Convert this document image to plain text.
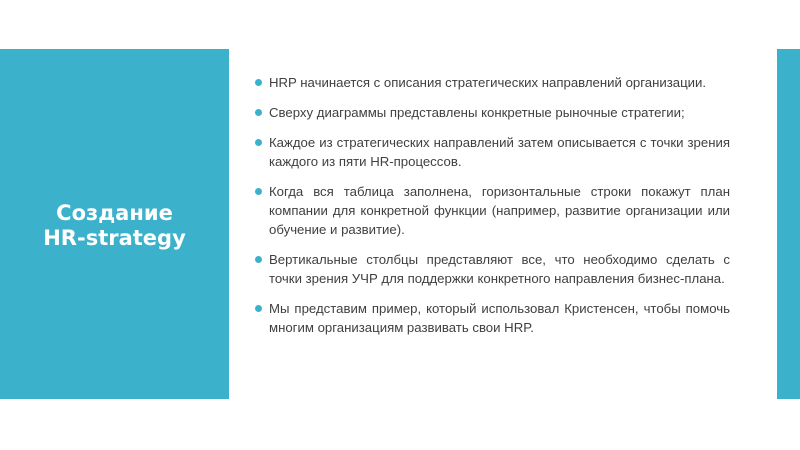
Создание
HR-strategy
HRP начинается с описания стратегических направлений организации.
Сверху диаграммы представлены конкретные рыночные стратегии;
Каждое из стратегических направлений затем описывается с точки зрения каждого из пяти HR-процессов.
Когда вся таблица заполнена, горизонтальные строки покажут план компании для конкретной функции (например, развитие организации или обучение и развитие).
Вертикальные столбцы представляют все, что необходимо сделать с точки зрения УЧР для поддержки конкретного направления бизнес-плана.
Мы представим пример, который использовал Кристенсен, чтобы помочь многим организациям развивать свои HRP.
